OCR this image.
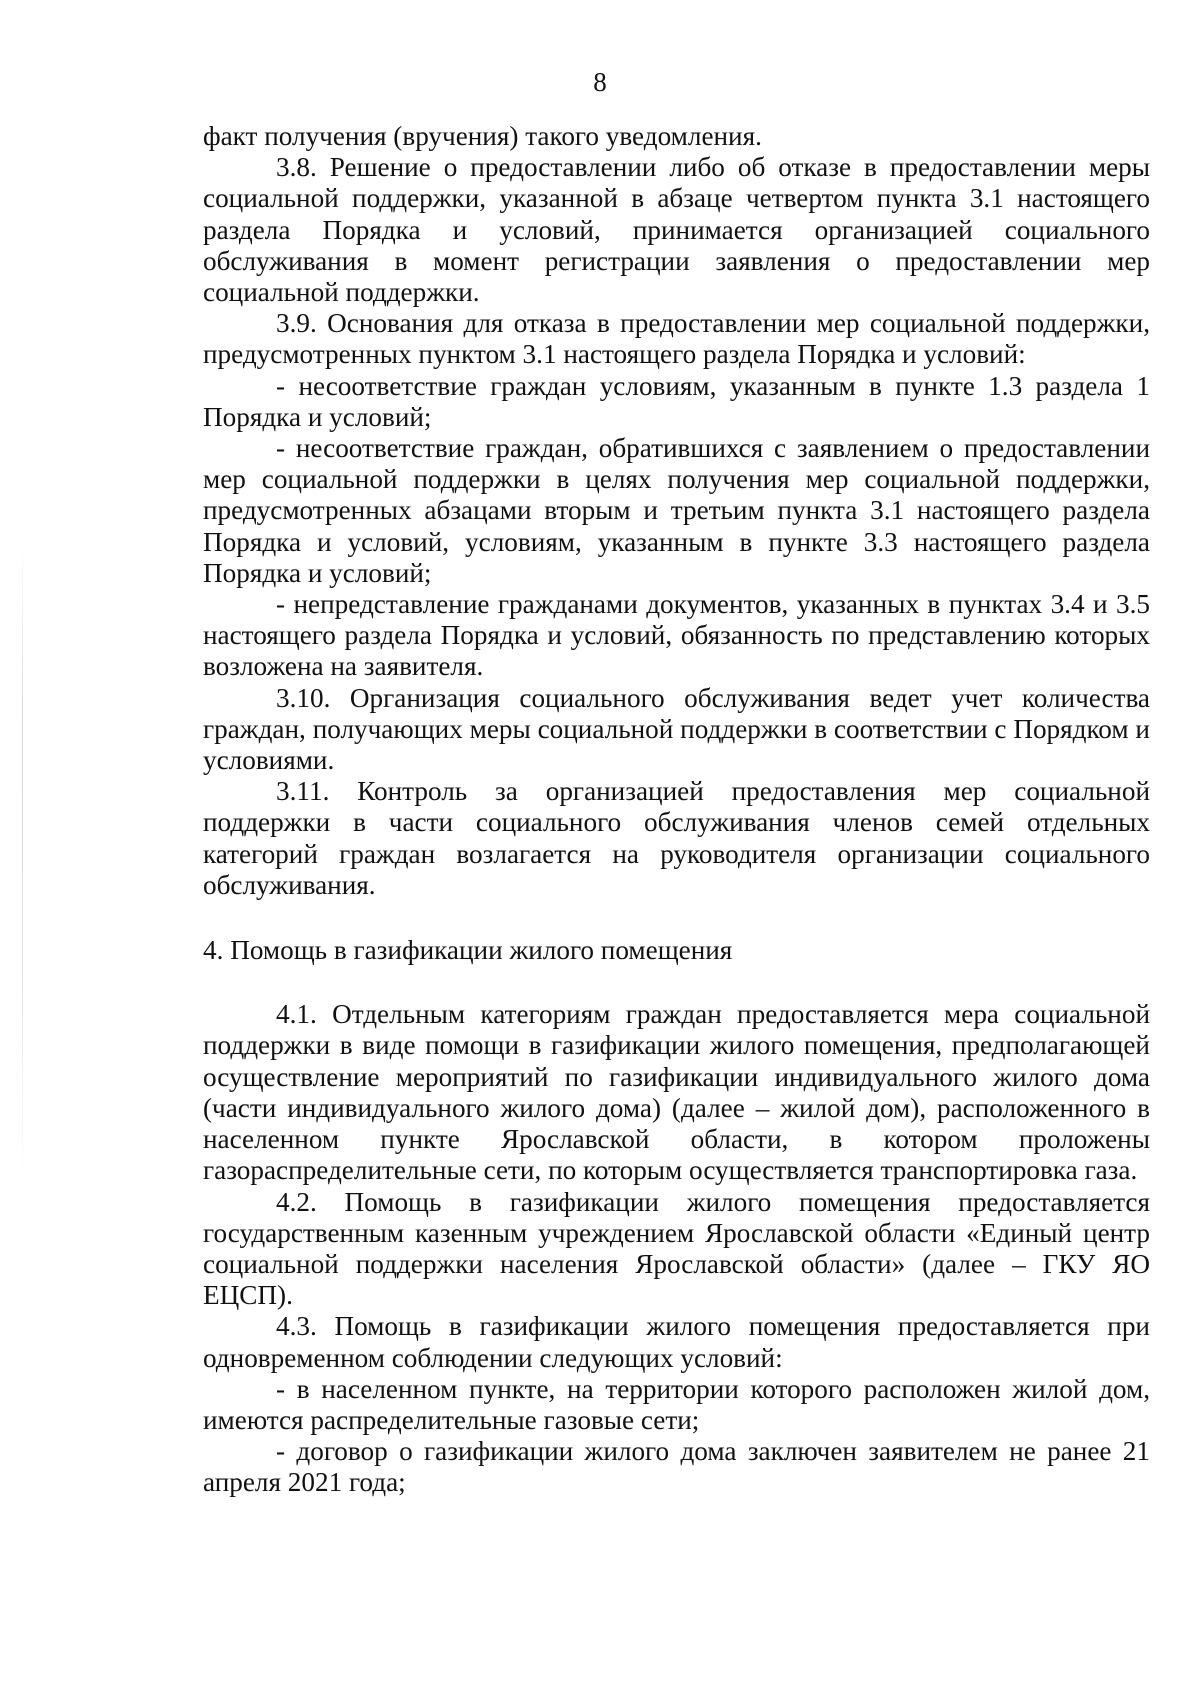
8

факт получения (вручения) такого уведомления.

3.8. Решение о предоставлении либо об отказе в предоставлении меры социальной поддержки, указанной в абзаце четвертом пункта 3.1 настоящего раздела Порядка и условий, принимается организацией социального обслуживания в момент регистрации заявления о предоставлении мер социальной поддержки.

3.9. Основания для отказа в предоставлении мер социальной поддержки, предусмотренных пунктом 3.1 настоящего раздела Порядка и условий:

- несоответствие граждан условиям, указанным в пункте 1.3 раздела 1 Порядка и условий;

- несоответствие граждан, обратившихся с заявлением о предоставлении мер социальной поддержки в целях получения мер социальной поддержки, предусмотренных абзацами вторым и третьим пункта 3.1 настоящего раздела Порядка и условий, условиям, указанным в пункте 3.3 настоящего раздела Порядка и условий;

- непредставление гражданами документов, указанных в пунктах 3.4 и 3.5 настоящего раздела Порядка и условий, обязанность по представлению которых возложена на заявителя.

3.10. Организация социального обслуживания ведет учет количества граждан, получающих меры социальной поддержки в соответствии с Порядком и условиями.

3.11. Контроль за организацией предоставления мер социальной поддержки в части социального обслуживания членов семей отдельных категорий граждан возлагается на руководителя организации социального обслуживания.

4. Помощь в газификации жилого помещения

4.1. Отдельным категориям граждан предоставляется мера социальной поддержки в виде помощи в газификации жилого помещения, предполагающей осуществление мероприятий по газификации индивидуального жилого дома (части индивидуального жилого дома) (далее – жилой дом), расположенного в населенном пункте Ярославской области, в котором проложены газораспределительные сети, по которым осуществляется транспортировка газа.

4.2. Помощь в газификации жилого помещения предоставляется государственным казенным учреждением Ярославской области «Единый центр социальной поддержки населения Ярославской области» (далее – ГКУ ЯО ЕЦСП).

4.3. Помощь в газификации жилого помещения предоставляется при одновременном соблюдении следующих условий:

- в населенном пункте, на территории которого расположен жилой дом, имеются распределительные газовые сети;

- договор о газификации жилого дома заключен заявителем не ранее 21 апреля 2021 года;
